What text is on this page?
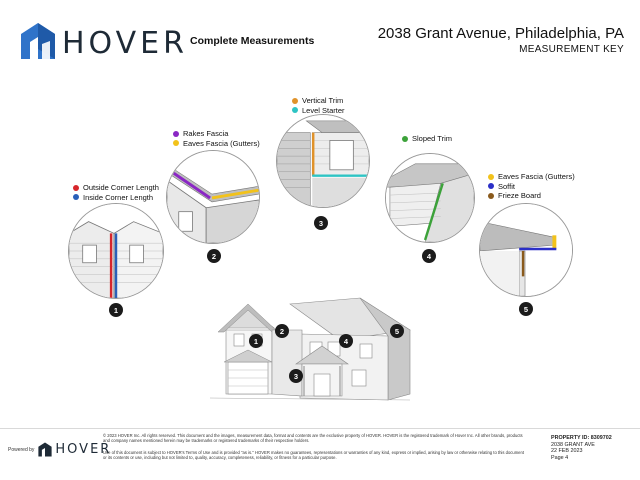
HOVER Complete Measurements	2038 Grant Avenue, Philadelphia, PA
MEASUREMENT KEY
Outside Corner Length
Inside Corner Length
Rakes Fascia
Eaves Fascia (Gutters)
Vertical Trim
Level Starter
Sloped Trim
Eaves Fascia (Gutters)
Soffit
Frieze Board
1
2
3
4
5
1
2
3
4
5
Powered by HOVER
© 2023 HOVER Inc. All rights reserved. This document and the images, measurement data, format and contents are the exclusive property of HOVER. HOVER is the registered trademark of Hover Inc. All other brands, products and company names mentioned herein may be trademarks or registered trademarks of their respective holders.
Use of this document is subject to HOVER's Terms of Use and is provided "as is." HOVER makes no guarantees, representations or warranties of any kind, express or implied, arising by law or otherwise relating to this document or its contents or use, including but not limited to, quality, accuracy, completeness, reliability, or fitness for a particular purpose.
PROPERTY ID: 8309702
2038 GRANT AVE
22 FEB 2023
Page 4
